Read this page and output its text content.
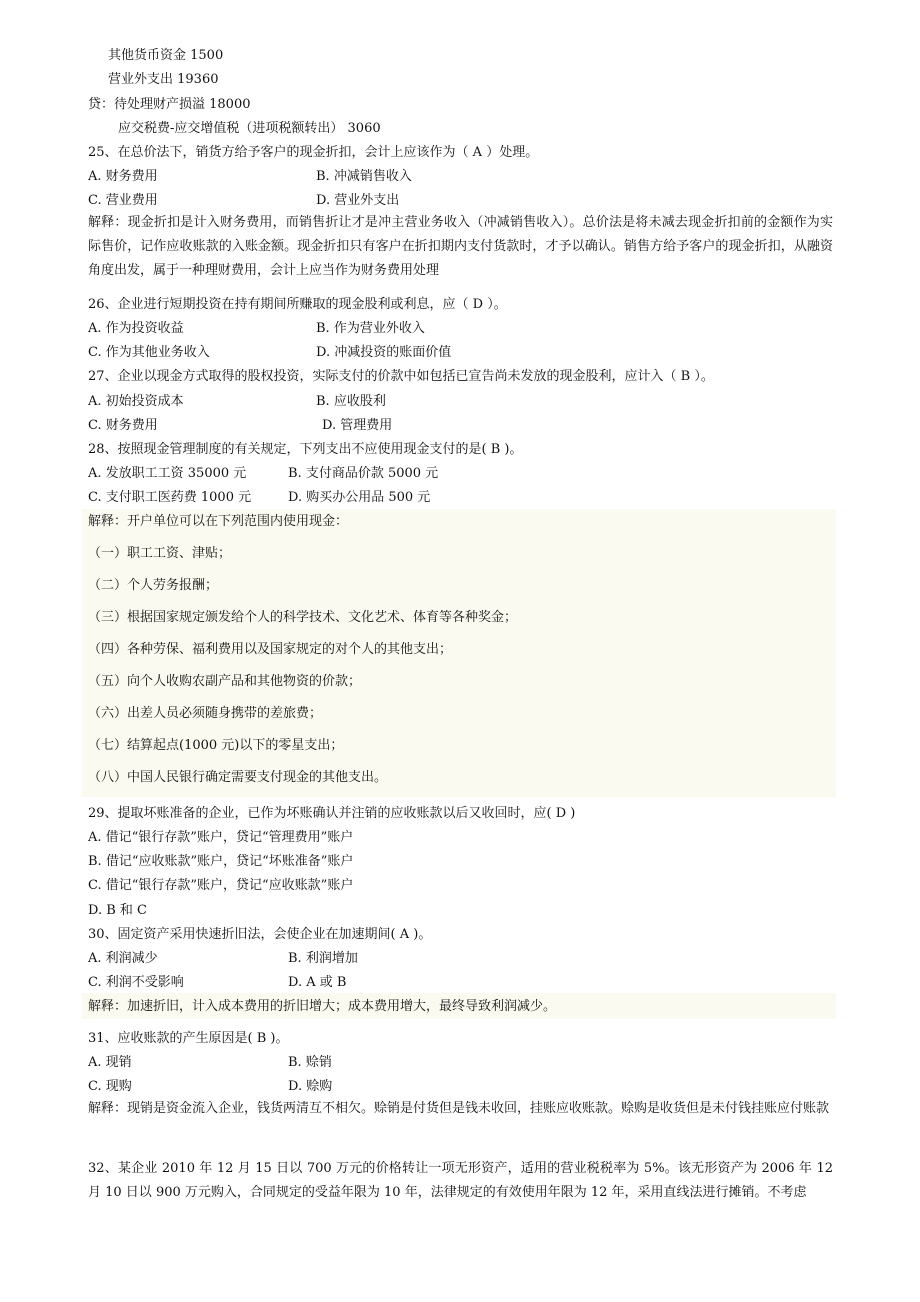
其他货币资金 1500
营业外支出 19360
贷：待处理财产损溢 18000
应交税费-应交增值税（进项税额转出） 3060
25、在总价法下，销货方给予客户的现金折扣，会计上应该作为（ A ）处理。
A. 财务费用	B. 冲减销售收入
C. 营业费用	D. 营业外支出
解释：现金折扣是计入财务费用，而销售折让才是冲主营业务收入（冲减销售收入）。总价法是将未减去现金折扣前的金额作为实际售价，记作应收账款的入账金额。现金折扣只有客户在折扣期内支付货款时，才予以确认。销售方给予客户的现金折扣，从融资角度出发，属于一种理财费用，会计上应当作为财务费用处理
26、企业进行短期投资在持有期间所赚取的现金股利或利息，应（ D ）。
A. 作为投资收益	B. 作为营业外收入
C. 作为其他业务收入	D. 冲减投资的账面价值
27、企业以现金方式取得的股权投资，实际支付的价款中如包括已宣告尚未发放的现金股利，应计入（ B ）。
A. 初始投资成本	B. 应收股利
C. 财务费用	D. 管理费用
28、按照现金管理制度的有关规定，下列支出不应使用现金支付的是( B )。
A. 发放职工工资 35000 元	B. 支付商品价款 5000 元
C. 支付职工医药费 1000 元	D. 购买办公用品 500 元
解释：开户单位可以在下列范围内使用现金：
（一）职工工资、津贴；
（二）个人劳务报酬；
（三）根据国家规定颁发给个人的科学技术、文化艺术、体育等各种奖金；
（四）各种劳保、福利费用以及国家规定的对个人的其他支出；
（五）向个人收购农副产品和其他物资的价款；
（六）出差人员必须随身携带的差旅费；
（七）结算起点(1000 元)以下的零星支出；
（八）中国人民银行确定需要支付现金的其他支出。
29、提取坏账准备的企业，已作为坏账确认并注销的应收账款以后又收回时，应( D )
A. 借记“银行存款”账户，贷记“管理费用”账户
B. 借记“应收账款”账户，贷记“坏账准备”账户
C. 借记“银行存款”账户，贷记“应收账款”账户
D. B 和 C
30、固定资产采用快速折旧法，会使企业在加速期间( A )。
A. 利润减少	B. 利润增加
C. 利润不受影响	D. A 或 B
解释：加速折旧，计入成本费用的折旧增大；成本费用增大，最终导致利润减少。
31、应收账款的产生原因是( B )。
A. 现销	B. 赊销
C. 现购	D. 赊购
解释：现销是资金流入企业，钱货两清互不相欠。赊销是付货但是钱未收回，挂账应收账款。赊购是收货但是未付钱挂账应付账款
32、某企业 2010 年 12 月 15 日以 700 万元的价格转让一项无形资产，适用的营业税税率为 5%。该无形资产为 2006 年 12 月 10 日以 900 万元购入，合同规定的受益年限为 10 年，法律规定的有效使用年限为 12 年，采用直线法进行摊销。不考虑
